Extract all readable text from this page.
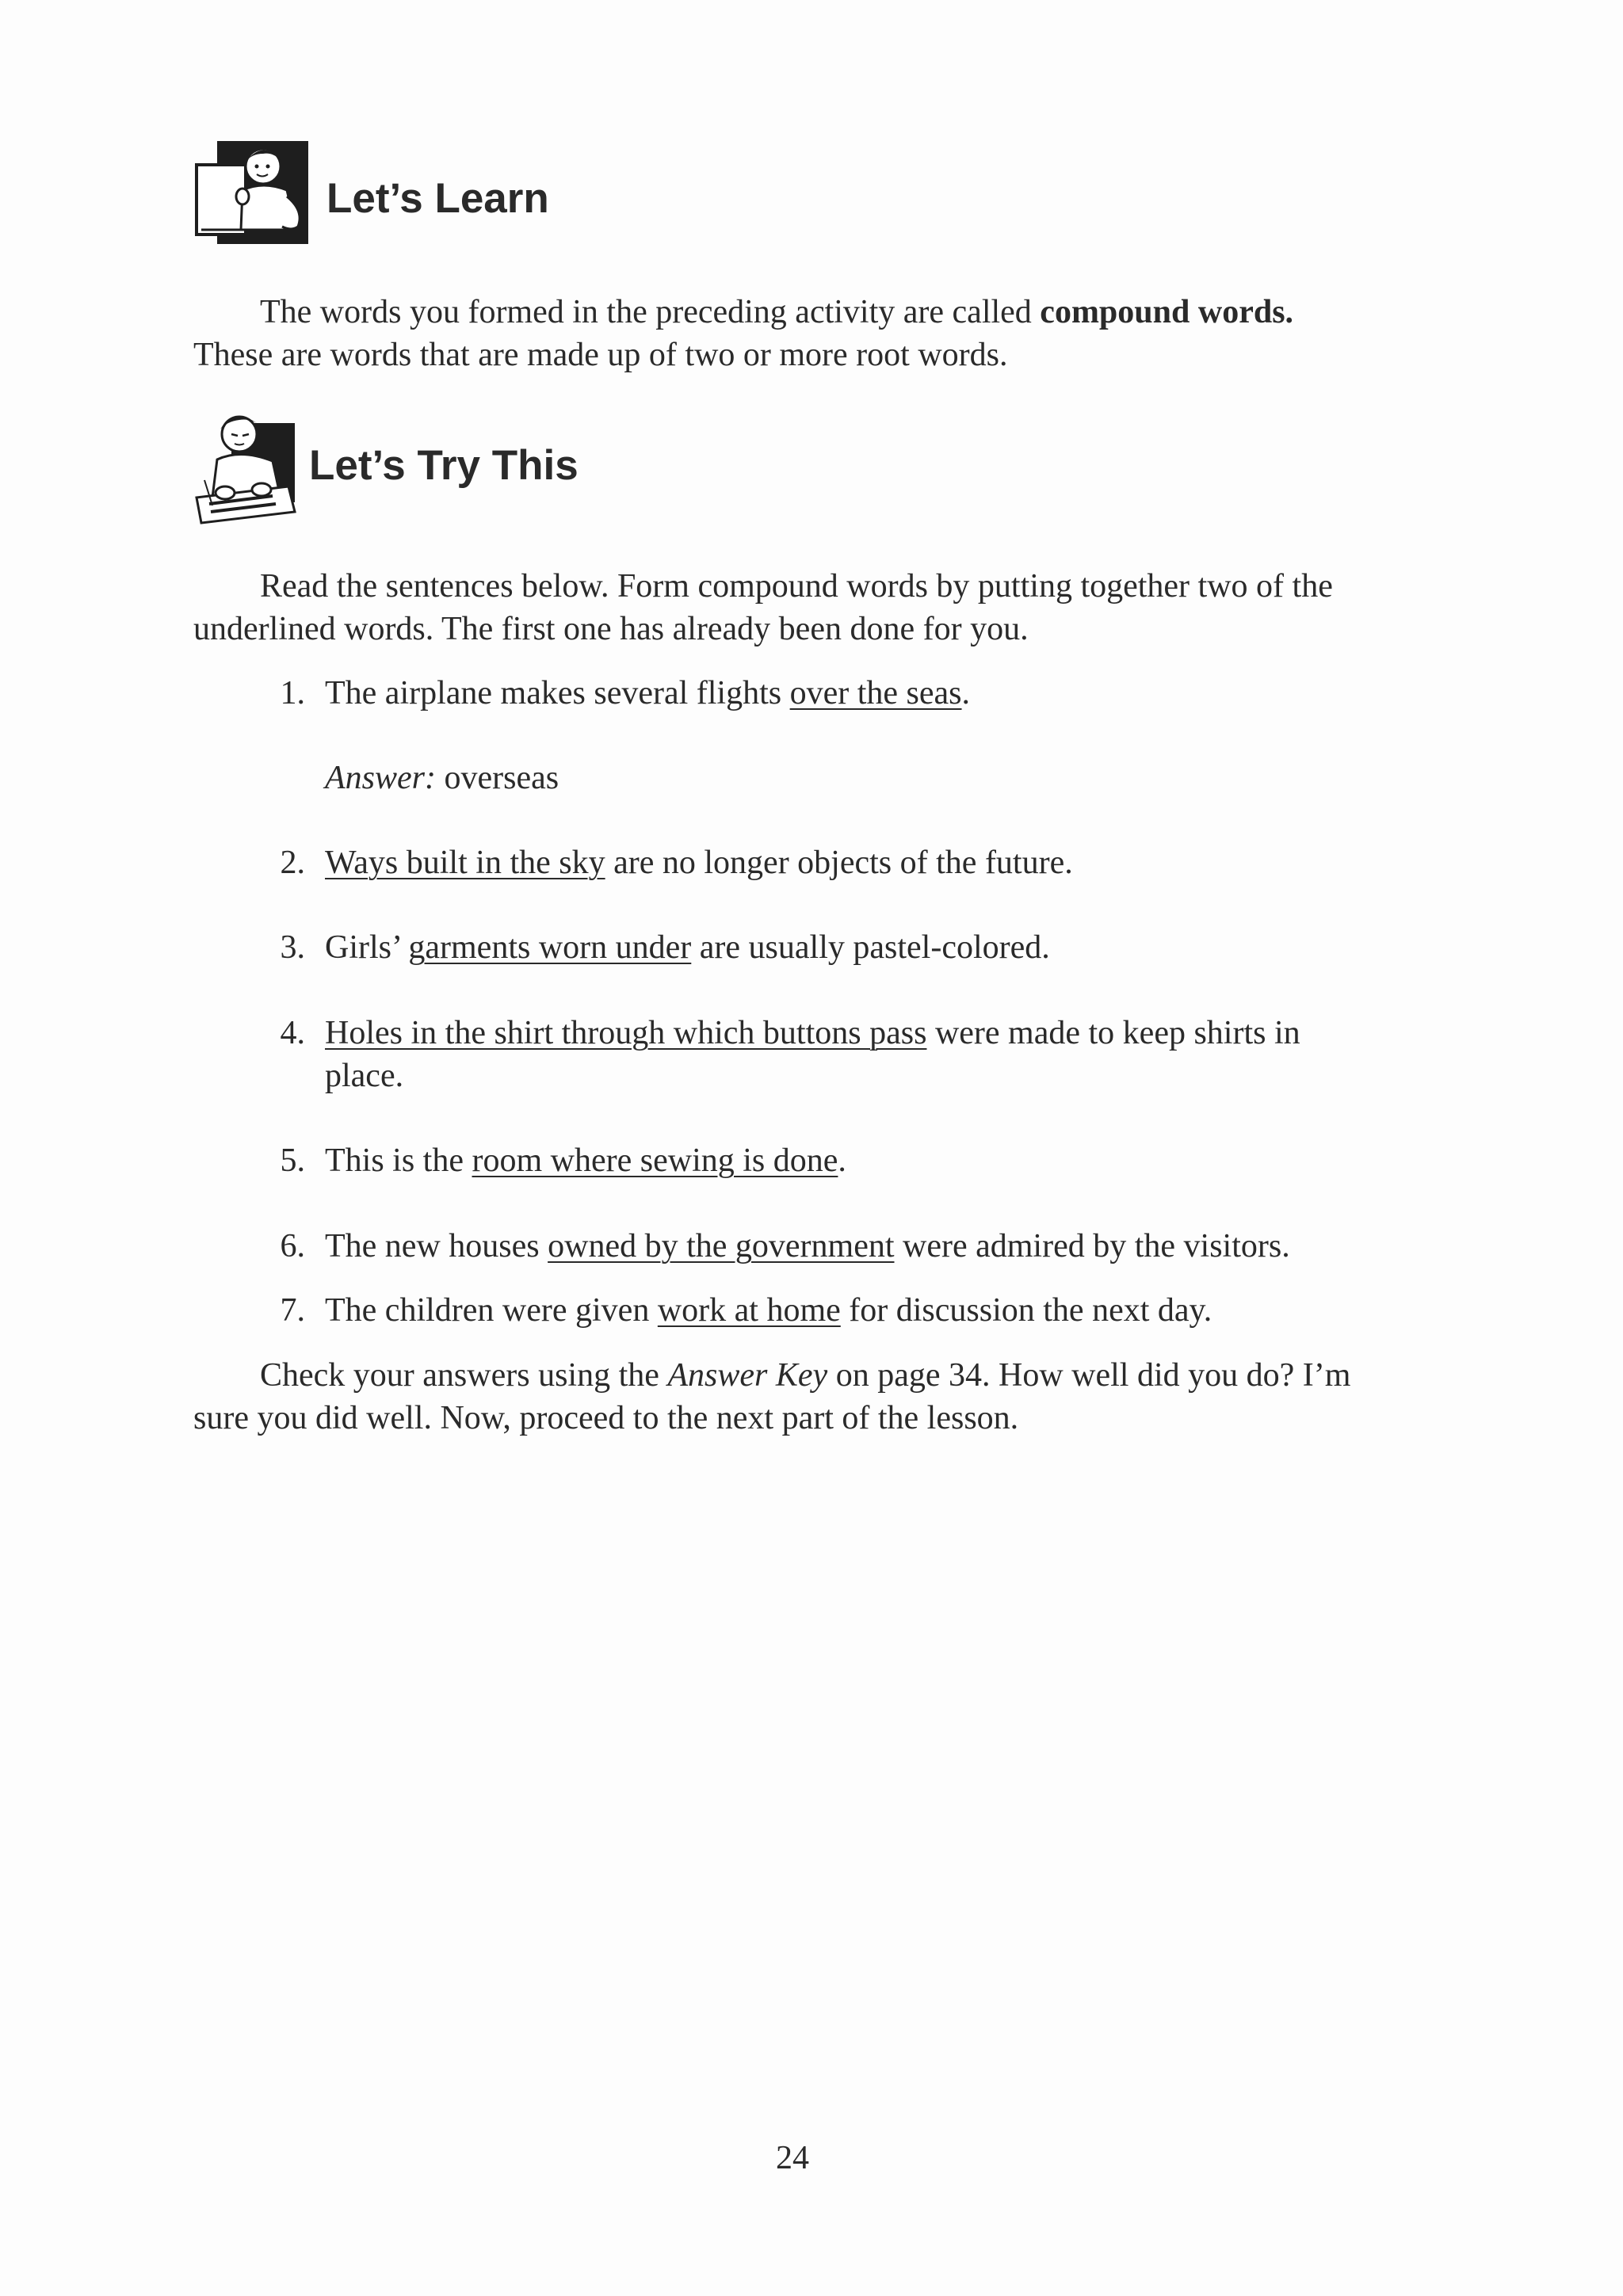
Let’s Learn
The words you formed in the preceding activity are called compound words.
These are words that are made up of two or more root words.
Let’s Try This
Read the sentences below. Form compound words by putting together two of the
underlined words. The first one has already been done for you.
1. The airplane makes several flights over the seas.
Answer: overseas
2. Ways built in the sky are no longer objects of the future.
3. Girls’ garments worn under are usually pastel-colored.
4. Holes in the shirt through which buttons pass were made to keep shirts in
place.
5. This is the room where sewing is done.
6. The new houses owned by the government were admired by the visitors.
7. The children were given work at home for discussion the next day.
Check your answers using the Answer Key on page 34. How well did you do? I’m
sure you did well. Now, proceed to the next part of the lesson.
24
